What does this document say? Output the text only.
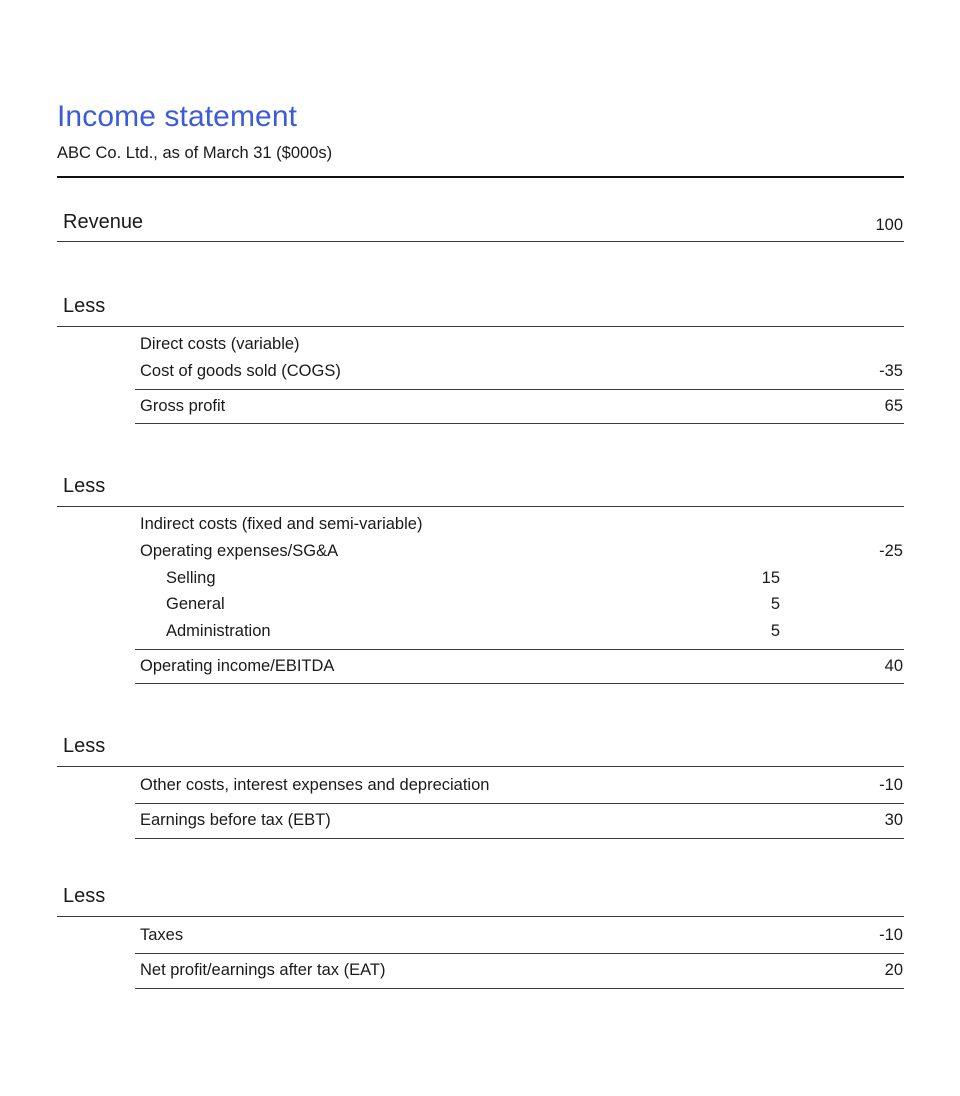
Income statement
ABC Co. Ltd., as of March 31 ($000s)
Revenue	100
Less
Direct costs (variable)
Cost of goods sold (COGS)	-35
Gross profit	65
Less
Indirect costs (fixed and semi-variable)
Operating expenses/SG&A	-25
Selling	15
General	5
Administration	5
Operating income/EBITDA	40
Less
Other costs, interest expenses and depreciation	-10
Earnings before tax (EBT)	30
Less
Taxes	-10
Net profit/earnings after tax (EAT)	20
